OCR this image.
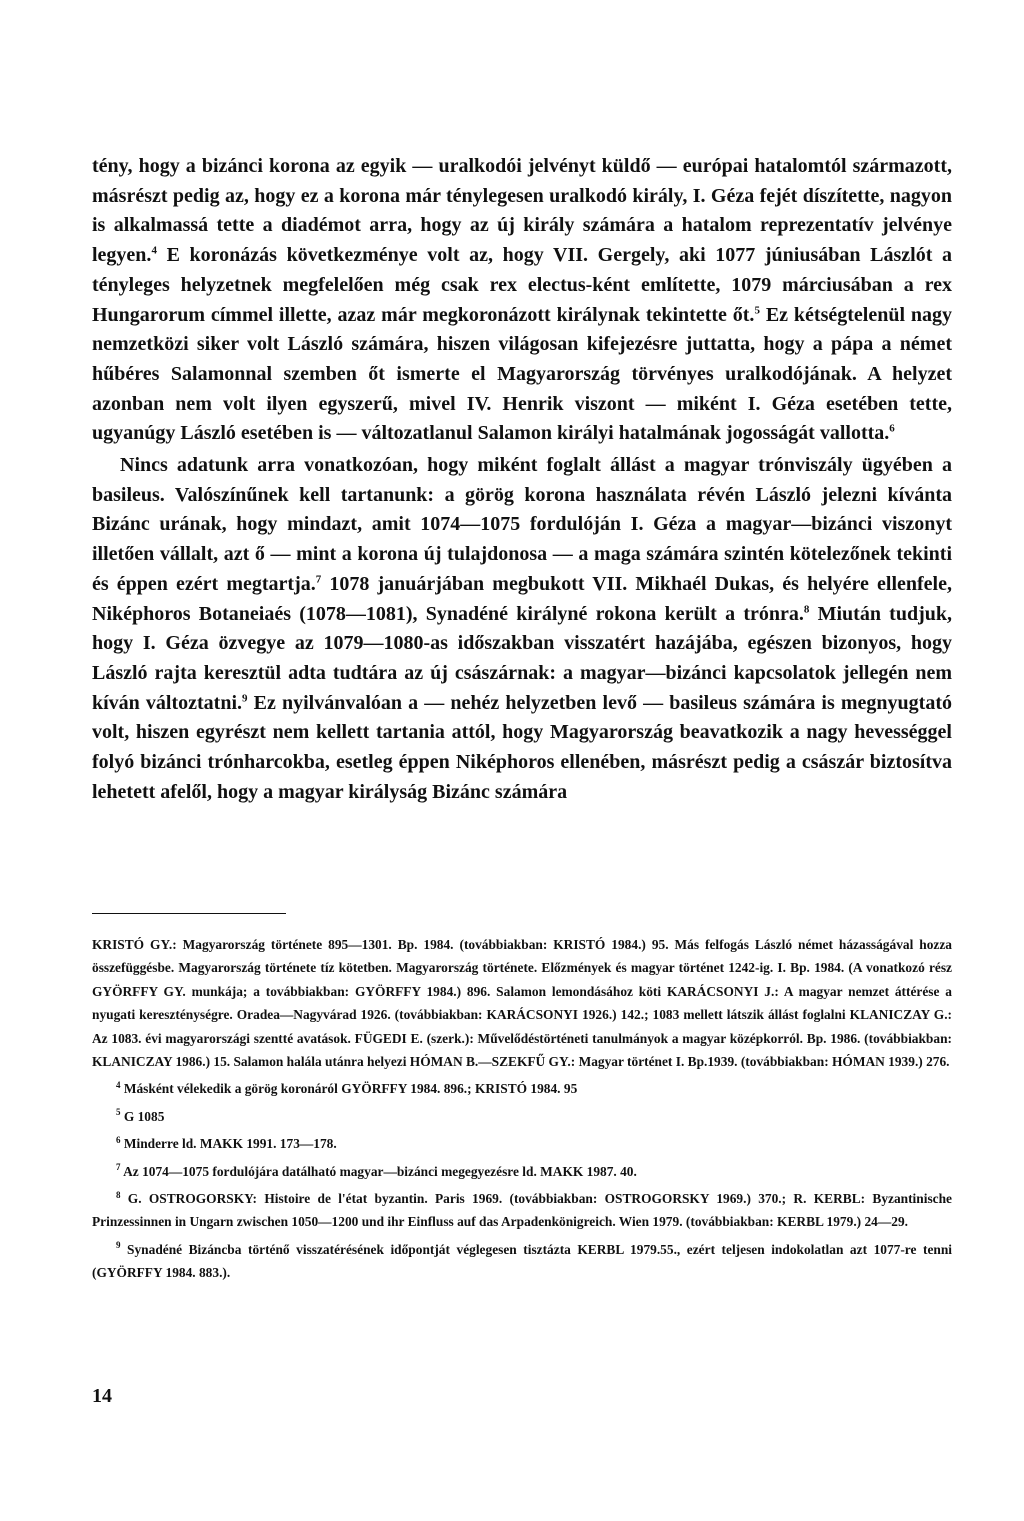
tény, hogy a bizánci korona az egyik — uralkodói jelvényt küldő — európai hatalomtól származott, másrészt pedig az, hogy ez a korona már ténylegesen uralkodó király, I. Géza fejét díszítette, nagyon is alkalmassá tette a diadémot arra, hogy az új király számára a hatalom reprezentatív jelvénye legyen.$^4$ E koronázás következménye volt az, hogy VII. Gergely, aki 1077 júniusában Lászlót a tényleges helyzetnek megfelelően még csak rex electus-ként említette, 1079 márciusában a rex Hungarorum címmel illette, azaz már megkoronázott királynak tekintette őt.$^5$ Ez kétségtelenül nagy nemzetközi siker volt László számára, hiszen világosan kifejezésre juttatta, hogy a pápa a német hűbéres Salamonnal szemben őt ismerte el Magyarország törvényes uralkodójának. A helyzet azonban nem volt ilyen egyszerű, mivel IV. Henrik viszont — miként I. Géza esetében tette, ugyanúgy László esetében is — változatlanul Salamon királyi hatalmának jogosságát vallotta.$^6$

Nincs adatunk arra vonatkozóan, hogy miként foglalt állást a magyar trónviszály ügyében a basileus. Valószínűnek kell tartanunk: a görög korona használata révén László jelezni kívánta Bizánc urának, hogy mindazt, amit 1074—1075 fordulóján I. Géza a magyar—bizánci viszonyt illetően vállalt, azt ő — mint a korona új tulajdonosa — a maga számára szintén kötelezőnek tekinti és éppen ezért megtartja.$^7$ 1078 januárjában megbukott VII. Mikhaél Dukas, és helyére ellenfele, Niképhoros Botaneiaés (1078—1081), Synadéné királyné rokona került a trónra.$^8$ Miután tudjuk, hogy I. Géza özvegye az 1079—1080-as időszakban visszatért hazájába, egészen bizonyos, hogy László rajta keresztül adta tudtára az új császárnak: a magyar—bizánci kapcsolatok jellegén nem kíván változtatni.$^9$ Ez nyilvánvalóan a — nehéz helyzetben levő — basileus számára is megnyugtató volt, hiszen egyrészt nem kellett tartania attól, hogy Magyarország beavatkozik a nagy hevességgel folyó bizánci trónharcokba, esetleg éppen Niképhoros ellenében, másrészt pedig a császár biztosítva lehetett afelől, hogy a magyar királyság Bizánc számára

KRISTÓ GY.: Magyarország története 895—1301. Bp. 1984. (továbbiakban: KRISTÓ 1984.) 95. Más felfogás László német házasságával hozza összefüggésbe. Magyarország története tíz kötetben. Magyarország története. Előzmények és magyar történet 1242-ig. I. Bp. 1984. (A vonatkozó rész GYÖRFFY GY. munkája; a továbbiakban: GYÖRFFY 1984.) 896. Salamon lemondásához köti KARÁCSONYI J.: A magyar nemzet áttérése a nyugati kereszténységre. Oradea—Nagyvárad 1926. (továbbiakban: KARÁCSONYI 1926.) 142.; 1083 mellett látszik állást foglalni KLANICZAY G.: Az 1083. évi magyarországi szentté avatások. FÜGEDI E. (szerk.): Művelődéstörténeti tanulmányok a magyar középkorról. Bp. 1986. (továbbiakban: KLANICZAY 1986.) 15. Salamon halála utánra helyezi HÓMAN B.—SZEKFŰ GY.: Magyar történet I. Bp.1939. (továbbiakban: HÓMAN 1939.) 276.

$^4$ Másként vélekedik a görög koronáról GYÖRFFY 1984. 896.; KRISTÓ 1984. 95

$^5$ G 1085

$^6$ Minderre ld. MAKK 1991. 173—178.

$^7$ Az 1074—1075 fordulójára datálható magyar—bizánci megegyezésre ld. MAKK 1987. 40.

$^8$ G. OSTROGORSKY: Histoire de l'état byzantin. Paris 1969. (továbbiakban: OSTROGORSKY 1969.) 370.; R. KERBL: Byzantinische Prinzessinnen in Ungarn zwischen 1050—1200 und ihr Einfluss auf das Arpadenkönigreich. Wien 1979. (továbbiakban: KERBL 1979.) 24—29.

$^9$ Synadéné Bizáncba történő visszatérésének időpontját véglegesen tisztázta KERBL 1979.55., ezért teljesen indokolatlan azt 1077-re tenni (GYÖRFFY 1984. 883.).

14
